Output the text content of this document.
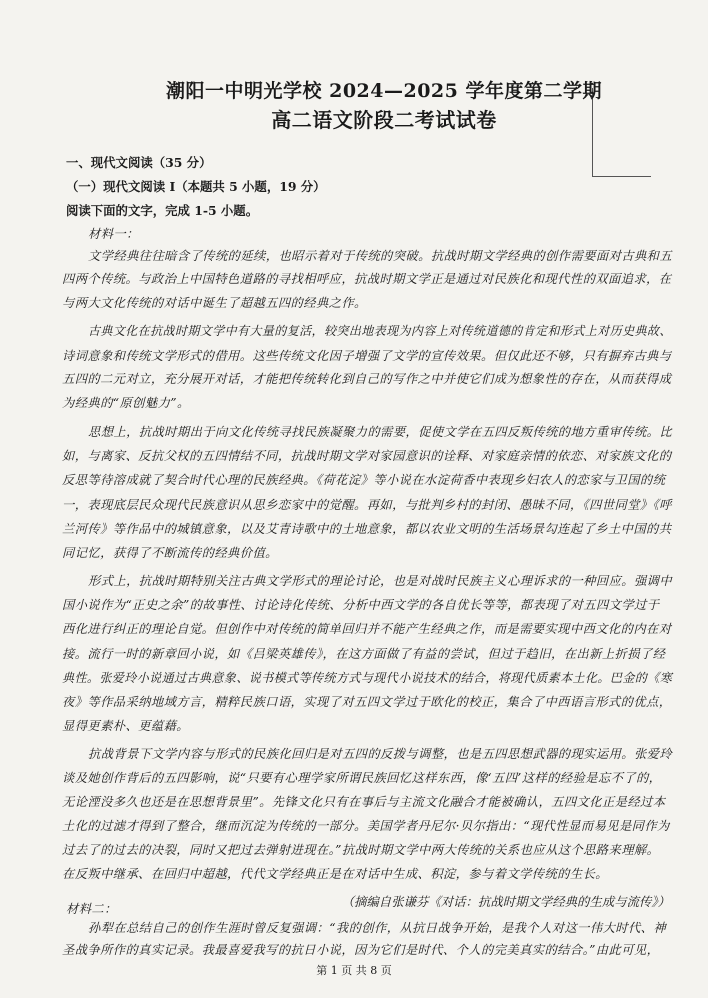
潮阳一中明光学校 2024—2025 学年度第二学期
高二语文阶段二考试试卷
一、现代文阅读（35 分）
（一）现代文阅读 I（本题共 5 小题，19 分）
阅读下面的文字，完成 1-5 小题。
材料一：
文学经典往往暗含了传统的延续，也昭示着对于传统的突破。抗战时期文学经典的创作需要面对古典和五
四两个传统。与政治上中国特色道路的寻找相呼应，抗战时期文学正是通过对民族化和现代性的双面追求，在
与两大文化传统的对话中诞生了超越五四的经典之作。
古典文化在抗战时期文学中有大量的复活，较突出地表现为内容上对传统道德的肯定和形式上对历史典故、
诗词意象和传统文学形式的借用。这些传统文化因子增强了文学的宣传效果。但仅此还不够，只有摒弃古典与
五四的二元对立，充分展开对话，才能把传统转化到自己的写作之中并使它们成为想象性的存在，从而获得成
为经典的“原创魅力”。
思想上，抗战时期出于向文化传统寻找民族凝聚力的需要，促使文学在五四反叛传统的地方重审传统。比
如，与离家、反抗父权的五四情结不同，抗战时期文学对家园意识的诠释、对家庭亲情的依恋、对家族文化的
反思等待溶成就了契合时代心理的民族经典。《荷花淀》等小说在水淀荷香中表现乡妇农人的恋家与卫国的统
一，表现底层民众现代民族意识从思乡恋家中的觉醒。再如，与批判乡村的封闭、愚昧不同，《四世同堂》《呼
兰河传》等作品中的城镇意象，以及艾青诗歌中的土地意象，都以农业文明的生活场景勾连起了乡土中国的共
同记忆，获得了不断流传的经典价值。
形式上，抗战时期特别关注古典文学形式的理论讨论，也是对战时民族主义心理诉求的一种回应。强调中
国小说作为“正史之余”的故事性、讨论诗化传统、分析中西文学的各自优长等等，都表现了对五四文学过于
西化进行纠正的理论自觉。但创作中对传统的简单回归并不能产生经典之作，而是需要实现中西文化的内在对
接。流行一时的新章回小说，如《吕梁英雄传》，在这方面做了有益的尝试，但过于趋旧，在出新上折损了经
典性。张爱玲小说通过古典意象、说书模式等传统方式与现代小说技术的结合，将现代质素本土化。巴金的《寒
夜》等作品采纳地域方言，精粹民族口语，实现了对五四文学过于欧化的校正，集合了中西语言形式的优点，
显得更素朴、更蕴藉。
抗战背景下文学内容与形式的民族化回归是对五四的反拨与调整，也是五四思想武器的现实运用。张爱玲
谈及她创作背后的五四影响，说“只要有心理学家所谓民族回忆这样东西，像‘五四’这样的经验是忘不了的，
无论湮没多久也还是在思想背景里”。先锋文化只有在事后与主流文化融合才能被确认，五四文化正是经过本
土化的过滤才得到了整合，继而沉淀为传统的一部分。美国学者丹尼尔·贝尔指出：“现代性显而易见是同作为
过去了的过去的决裂，同时又把过去弹射进现在。”抗战时期文学中两大传统的关系也应从这个思路来理解。
在反叛中继承、在回归中超越，代代文学经典正是在对话中生成、积淀，参与着文学传统的生长。
（摘编自张谦芬《对话：抗战时期文学经典的生成与流传》）
材料二：
孙犁在总结自己的创作生涯时曾反复强调：“我的创作，从抗日战争开始，是我个人对这一伟大时代、神
第 1 页 共 8 页
圣战争所作的真实记录。我最喜爱我写的抗日小说，因为它们是时代、个人的完美真实的结合。”由此可见，
